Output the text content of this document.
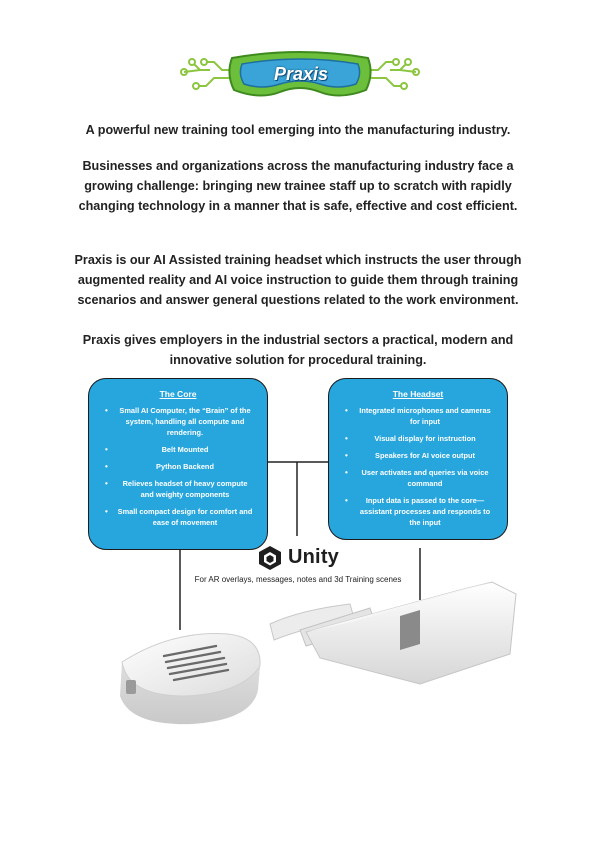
Praxis
A powerful new training tool emerging into the manufacturing industry.
Businesses and organizations across the manufacturing industry face a growing challenge: bringing new trainee staff up to scratch with rapidly changing technology in a manner that is safe, effective and cost efficient.
Praxis is our AI Assisted training headset which instructs the user through augmented reality and AI voice instruction to guide them through training scenarios and answer general questions related to the work environment.
Praxis gives employers in the industrial sectors a practical, modern and innovative solution for procedural training.
The Core
• Small AI Computer, the “Brain” of the system, handling all compute and rendering.
• Belt Mounted
• Python Backend
• Relieves headset of heavy compute and weighty components
• Small compact design for comfort and ease of movement
The Headset
• Integrated microphones and cameras for input
• Visual display for instruction
• Speakers for AI voice output
• User activates and queries via voice command
• Input data is passed to the core—assistant processes and responds to the input
Unity
For AR overlays, messages, notes and 3d Training scenes
